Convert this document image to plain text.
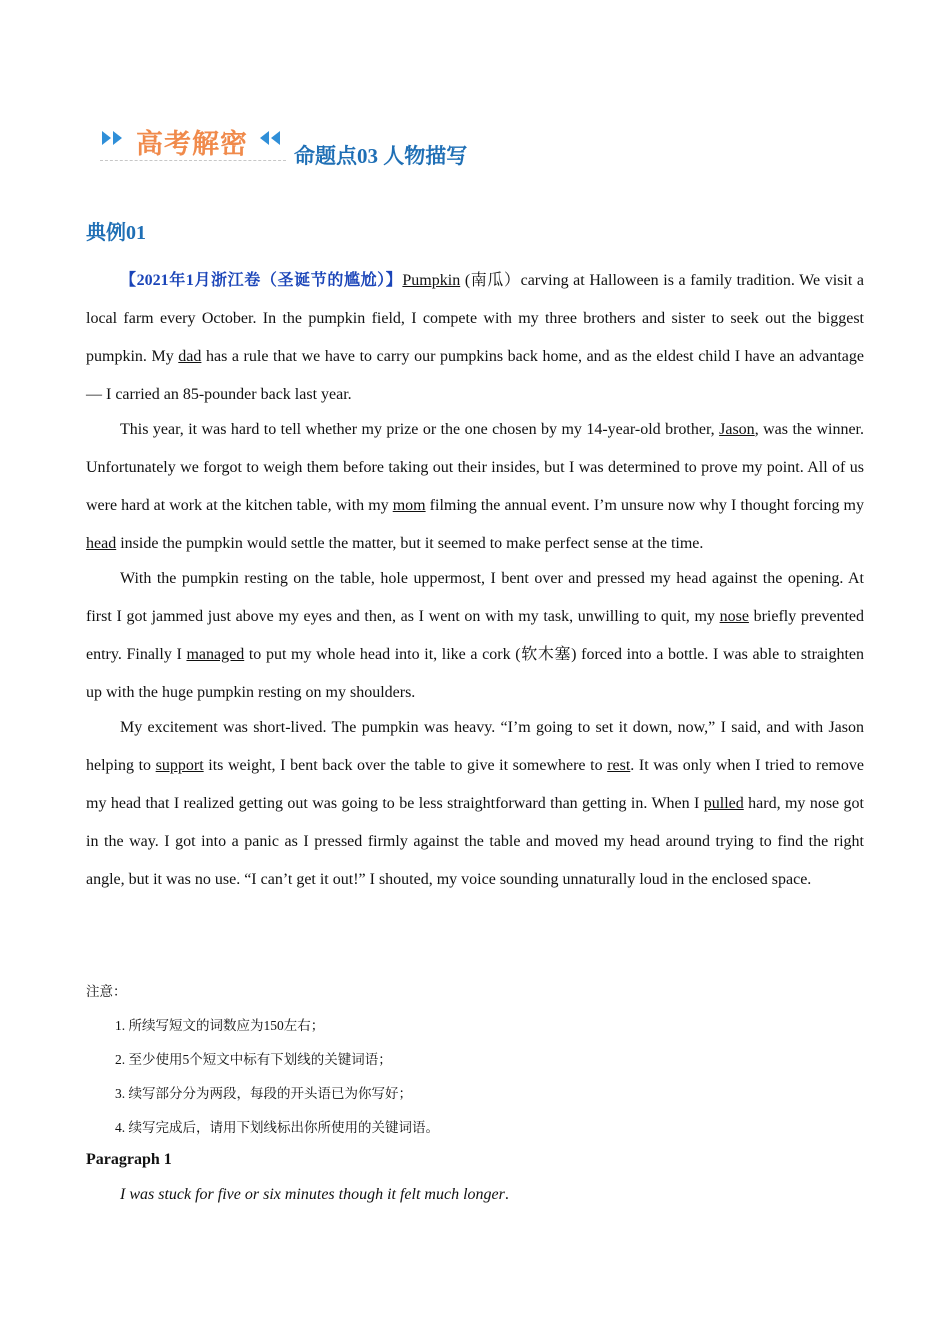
高考解密 命题点03 人物描写
典例01

【2021年1月浙江卷（圣诞节的尴尬）】Pumpkin (南瓜）carving at Halloween is a family tradition. We visit a local farm every October. In the pumpkin field, I compete with my three brothers and sister to seek out the biggest pumpkin. My dad has a rule that we have to carry our pumpkins back home, and as the eldest child I have an advantage — I carried an 85-pounder back last year.

This year, it was hard to tell whether my prize or the one chosen by my 14-year-old brother, Jason, was the winner. Unfortunately we forgot to weigh them before taking out their insides, but I was determined to prove my point. All of us were hard at work at the kitchen table, with my mom filming the annual event. I’m unsure now why I thought forcing my head inside the pumpkin would settle the matter, but it seemed to make perfect sense at the time.

With the pumpkin resting on the table, hole uppermost, I bent over and pressed my head against the opening. At first I got jammed just above my eyes and then, as I went on with my task, unwilling to quit, my nose briefly prevented entry. Finally I managed to put my whole head into it, like a cork (软木塞) forced into a bottle. I was able to straighten up with the huge pumpkin resting on my shoulders.

My excitement was short-lived. The pumpkin was heavy. “I’m going to set it down, now,” I said, and with Jason helping to support its weight, I bent back over the table to give it somewhere to rest. It was only when I tried to remove my head that I realized getting out was going to be less straightforward than getting in. When I pulled hard, my nose got in the way. I got into a panic as I pressed firmly against the table and moved my head around trying to find the right angle, but it was no use. “I can’t get it out!” I shouted, my voice sounding unnaturally loud in the enclosed space.

注意：
1. 所续写短文的词数应为150左右；
2. 至少使用5个短文中标有下划线的关键词语；
3. 续写部分分为两段，每段的开头语已为你写好；
4. 续写完成后，请用下划线标出你所使用的关键词语。
Paragraph 1
I was stuck for five or six minutes though it felt much longer.
